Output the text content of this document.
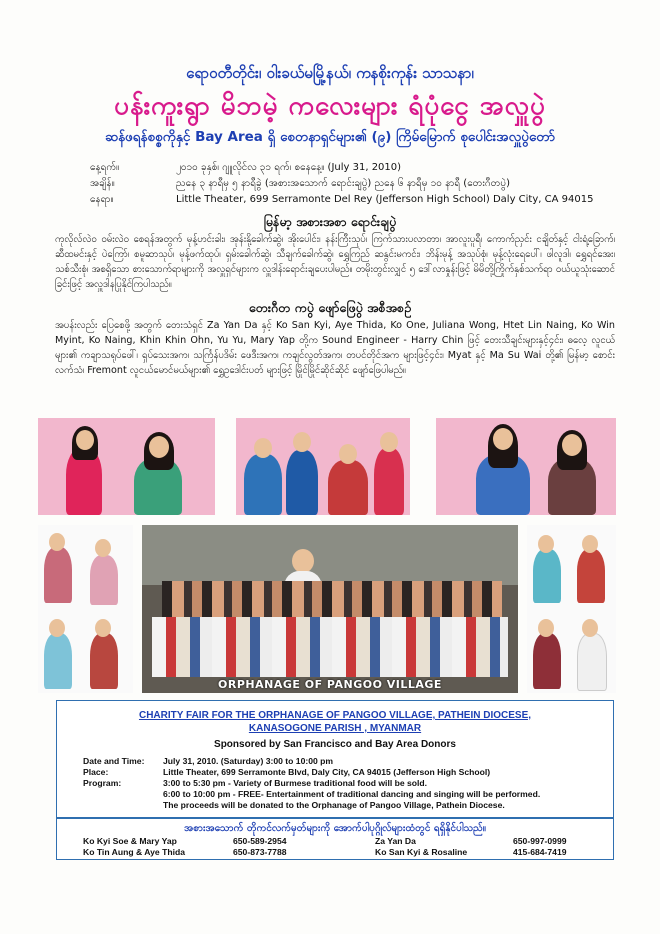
ရောဝတီတိုင်း၊ ဝါးခယ်မမြို့နယ်၊ ကနစိုးကုန်း သာသနာ၊
ပန်းကူးရွာ မိဘမဲ့ ကလေးများ ရံပုံငွေ အလှူပွဲ
ဆန်ဖရန်စစ္စကိုနှင့် Bay Area ရှိ စေတနာရှင်များ၏ (၉) ကြိမ်မြောက် စုပေါင်းအလှူပွဲတော်
နေ့ရက်။	၂၀၁၀ ခုနှစ်၊ ဂျူလိုင်လ ၃၁ ရက်၊ စနေနေ့။ (July 31, 2010)
အချိန်။	ညနေ ၃ နာရီမှ ၅ နာရီခွဲ (အစားအသောက် ရောင်းချပွဲ) ညနေ ၆ နာရီမှ ၁၀ နာရီ (တေးဂီတပွဲ)
နေရာ။	Little Theater, 699 Serramonte Del Rey (Jefferson High School) Daly City, CA 94015
မြန်မာ့ အစားအစာ ရောင်းချပွဲ
ကုလိုလ်လဲဝ ဝမ်းလဲဝ စေရန်အတွက် မုန့်ဟင်းခါး၊ အုန်းနို့ခေါက်ဆွဲ၊ အိုးပေါင်း၊ နန်းကြီးသုပ်၊ ကြက်သားပလာတာ၊ အာလူးပူရီ၊ ကောက်ညှင်း ငချိတ်နှင့် ငါးရံ့ခြောက်၊ ဆီထမင်းနှင့် ပဲကြော်၊ စမူဆာသုပ်၊ မုန့်ဖက်ထုပ်၊ ရှမ်းခေါက်ဆွဲ၊ သီချက်ခေါက်ဆွဲ၊ ရွှေကြည် ဆနွင်းမကင်း၊ ဘိန်းမုန့် အသုပ်စုံ၊ မုန့်လုံးရေပေါ်၊ ဖါလူဒါ၊ ရွှေရင်အေး၊ သစ်သီးစုံ၊ အစရှိသော စားသောက်ရာများကို အလှူရှင်များက လှူဒါန်းရောင်းချပေးပါမည်။ တမိုးတွင်းလျှင် ၅ ဒေါ်လာနှုန်းဖြင့် မိမိတို့ကြိုက်နှစ်သက်ရာ ဝယ်ယူသုံးဆောင်ခြင်းဖြင့် အလှူဒါနပြုနိုင်ကြပါသည်။
တေးဂီတ ကပွဲ ဖျော်ဖြေပွဲ အစီအစဉ်
အပန်းလည်း ပြေစေဖို့ အတွက် တေးသံရှင် Za Yan Da နှင့် Ko San Kyi, Aye Thida, Ko One, Juliana Wong, Htet Lin Naing, Ko Win Myint, Ko Naing, Khin Khin Ohn, Yu Yu, Mary Yap တို့က Sound Engineer - Harry Chin ဖြင့် တေးသီချင်းများနှင့်၄င်း၊ ဓလေ့ လူငယ် များ၏ ကချာသရုပ်ဖေါ်၊ ရှပ်သေးအက၊ သင်္ကြန်ပဒိမ်း ဖေဒီးအက၊ ကချင်လွတ်အက၊ တပင်တိုင်အက များဖြင့်၄င်း၊ Myat နှင့် Ma Su Wai တို့၏ မြန်မာ့ စောင်းလက်သံ၊ Fremont လူငယ်မောင်မယ်များ၏ ရွှေဥဒေါင်းပတ် များဖြင့် မြိုင်မြိုင်ဆိုင်ဆိုင် ဖျော်ဖြေပါမည်။
ORPHANAGE OF PANGOO VILLAGE
CHARITY FAIR FOR THE ORPHANAGE OF PANGOO VILLAGE, PATHEIN DIOCESE,
KANASOGONE PARISH , MYANMAR
Sponsored by San Francisco and Bay Area Donors
Date and Time: July 31, 2010. (Saturday) 3:00 to 10:00 pm
Place:	Little Theater, 699 Serramonte Blvd, Daly City, CA 94015 (Jefferson High School)
Program:	3:00 to 5:30 pm - Variety of Burmese traditional food will be sold.
6:00 to 10:00 pm - FREE- Entertainment of traditional dancing and singing will be performed.
The proceeds will be donated to the Orphanage of Pangoo Village, Pathein Diocese.
အစားအသောက် တိုကင်လက်မှတ်များကို အောက်ပါပုဂ္ဂိုလ်များထံတွင် ရရှိနိုင်ပါသည်။
Ko Kyi Soe & Mary Yap	650-589-2954
Ko Tin Aung & Aye Thida	650-873-7788
Za Yan Da	650-997-0999
Ko San Kyi & Rosaline	415-684-7419
